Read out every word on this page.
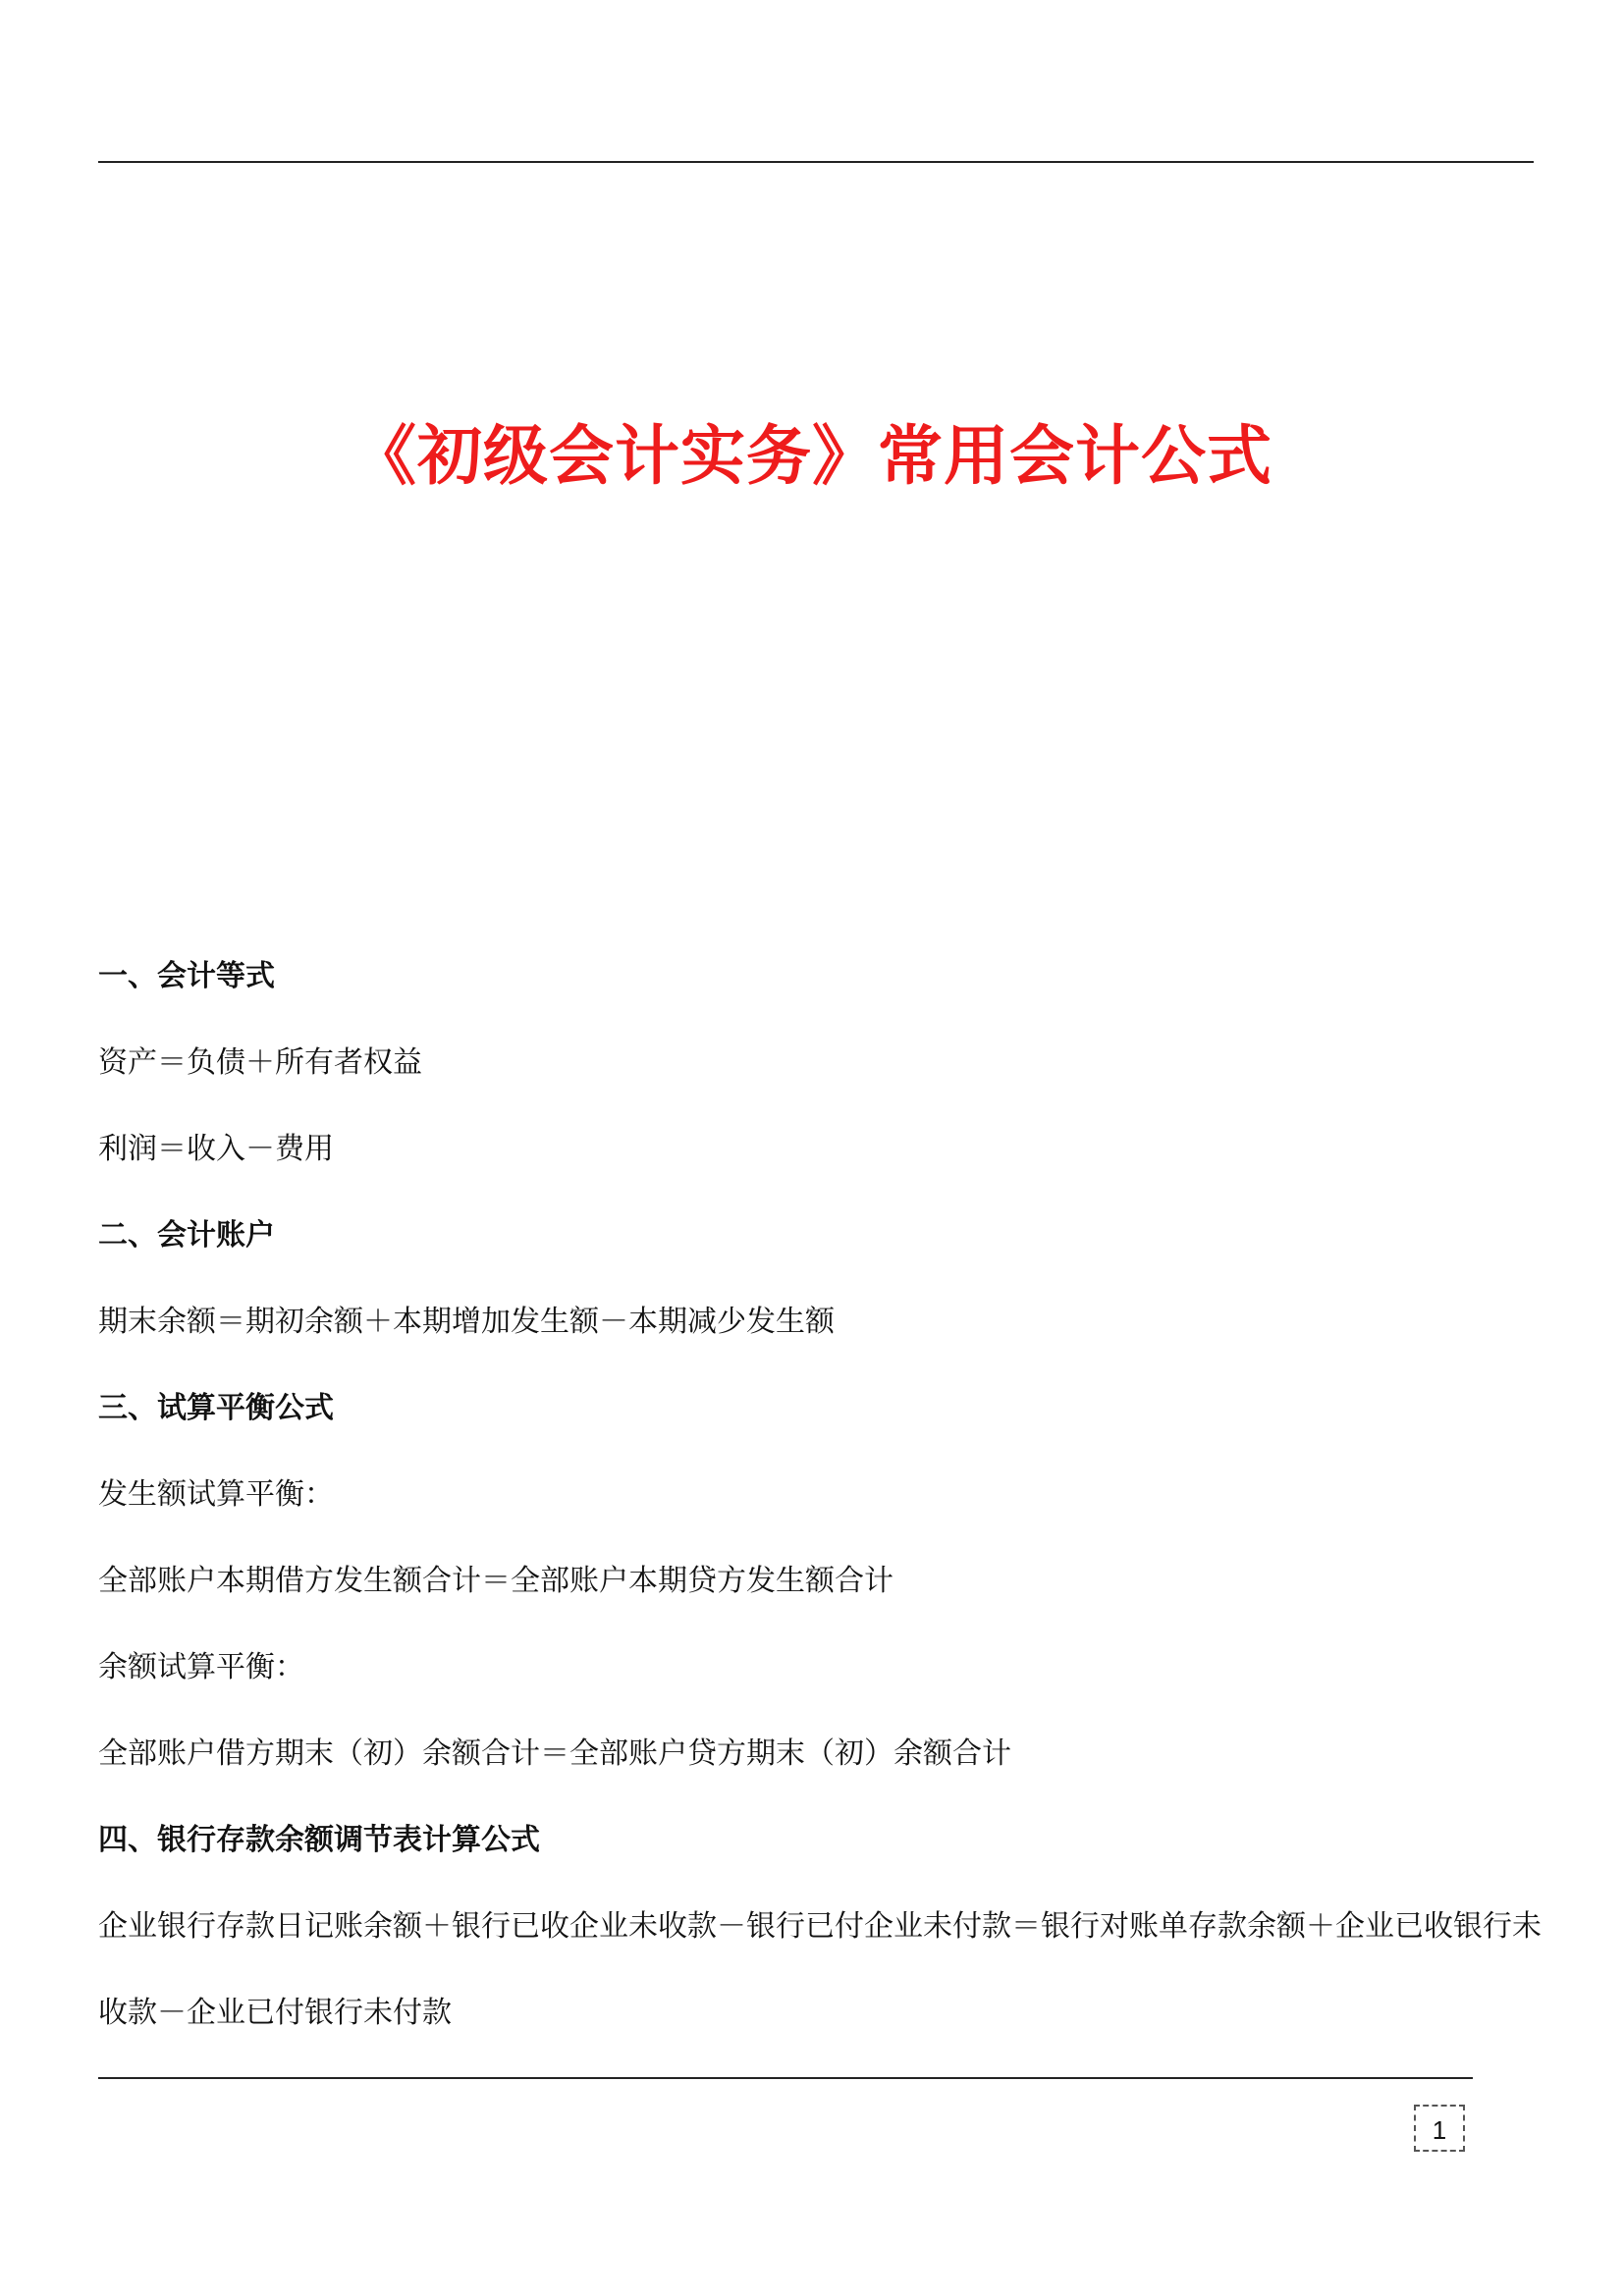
《初级会计实务》常用会计公式
一、会计等式
资产＝负债＋所有者权益
利润＝收入－费用
二、会计账户
期末余额＝期初余额＋本期增加发生额－本期减少发生额
三、试算平衡公式
发生额试算平衡：
全部账户本期借方发生额合计＝全部账户本期贷方发生额合计
余额试算平衡：
全部账户借方期末（初）余额合计＝全部账户贷方期末（初）余额合计
四、银行存款余额调节表计算公式
企业银行存款日记账余额＋银行已收企业未收款－银行已付企业未付款＝银行对账单存款余额＋企业已收银行未收款－企业已付银行未付款
1
